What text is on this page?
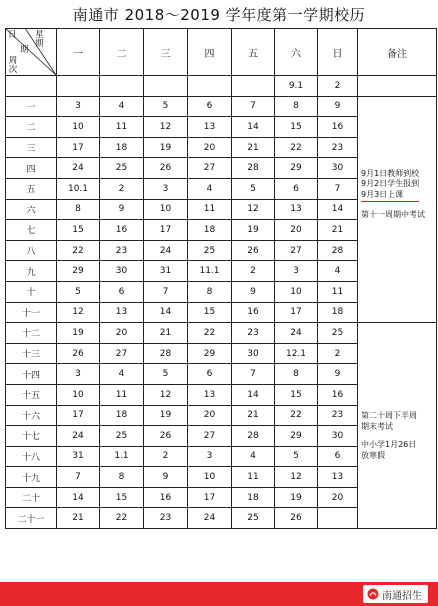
南通市 2018～2019 学年度第一学期校历
日 星期
期
周次	一	二	三	四	五	六	日	备注
						9.1	2	
一	3	4	5	6	7	8	9	9月1日教师到校
9月2日学生报到
9月3日上课
第十一周期中考试

二	10	11	12	13	14	15	16	
三	17	18	19	20	21	22	23	
四	24	25	26	27	28	29	30	
五	10.1	2	3	4	5	6	7	
六	8	9	10	11	12	13	14	
七	15	16	17	18	19	20	21	
八	22	23	24	25	26	27	28	
九	29	30	31	11.1	2	3	4	
十	5	6	7	8	9	10	11	
十一	12	13	14	15	16	17	18	
十二	19	20	21	22	23	24	25	第二十周下半周
期末考试
中小学1月26日
放寒假

十三	26	27	28	29	30	12.1	2	
十四	3	4	5	6	7	8	9	
十五	10	11	12	13	14	15	16	
十六	17	18	19	20	21	22	23	
十七	24	25	26	27	28	29	30	
十八	31	1.1	2	3	4	5	6	
十九	7	8	9	10	11	12	13	
二十	14	15	16	17	18	19	20	
二十一	21	22	23	24	25	26		
南通招生
